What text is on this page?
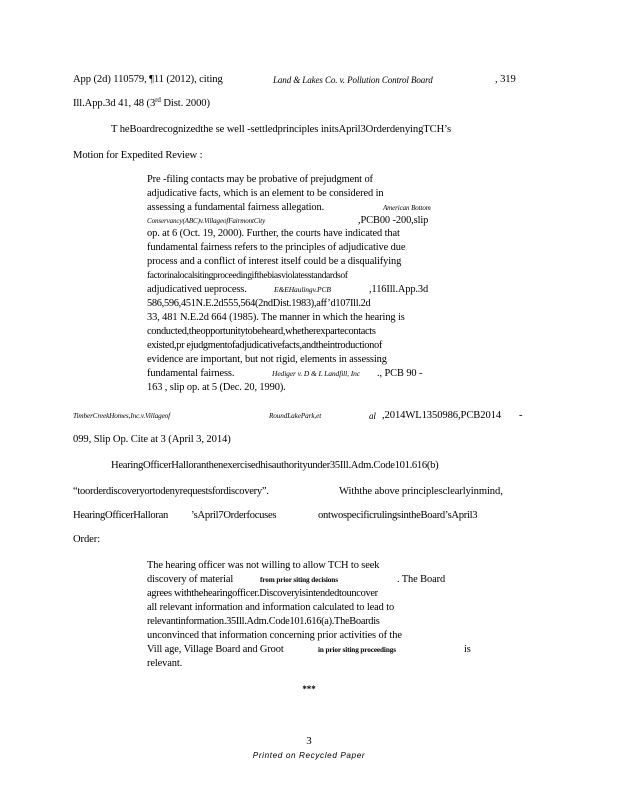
App (2d) 110579, ¶11 (2012), citing	Land & Lakes Co. v. Pollution Control Board	, 319
Ill.App.3d 41, 48 (3rd Dist. 2000)
T heBoardrecognizedthe se well -settledprinciples initsApril3OrderdenyingTCH’s
Motion for Expedited Review :
Pre -filing contacts may be probative of prejudgment of
adjudicative facts, which is an element to be considered in
assessing a fundamental fairness allegation.	American Bottom
Conservancy(ABC)v.VillageofFairmontCity	,PCB00 -200,slip
op. at 6 (Oct. 19, 2000). Further, the courts have indicated that
fundamental fairness refers to the principles of adjudicative due
process and a conflict of interest itself could be a disqualifying
factorinalocalsitingproceedingifthebiasviolatesstandardsof
adjudicatived ueprocess.	E&EHaulingv.PCB	,116Ill.App.3d
586,596,451N.E.2d555,564(2ndDist.1983),aff’d107Ill.2d
33, 481 N.E.2d 664 (1985). The manner in which the hearing is
conducted,theopportunitytobeheard,whetherexpartecontacts
existed,pr ejudgmentofadjudicativefacts,andtheintroductionof
evidence are important, but not rigid, elements in assessing
fundamental fairness.	Hediger v. D & L Landfill, Inc ., PCB 90 -
163 , slip op. at 5 (Dec. 20, 1990).
TimberCreekHomes,Inc.v.Villageof	RoundLakePark,et	al ,2014WL1350986,PCB2014 -
099, Slip Op. Cite at 3 (April 3, 2014)
HearingOfficerHalloranthenexercisedhisauthorityunder35Ill.Adm.Code101.616(b)
“toorderdiscoveryortodenyrequestsfordiscovery”.	Withthe above principlesclearlyinmind,
HearingOfficerHalloran ’sApril7Orderfocuses	ontwospecificrulingsintheBoard’sApril3
Order:
The hearing officer was not willing to allow TCH to seek
discovery of material	from prior siting decisions	. The Board
agrees withthehearingofficer.Discoveryisintendedtouncover
all relevant information and information calculated to lead to
relevantinformation.35Ill.Adm.Code101.616(a).TheBoardis
unconvinced that information concerning prior activities of the
Vill age, Village Board and Groot	in prior siting proceedings	is
relevant.
***
3
Printed on Recycled Paper
